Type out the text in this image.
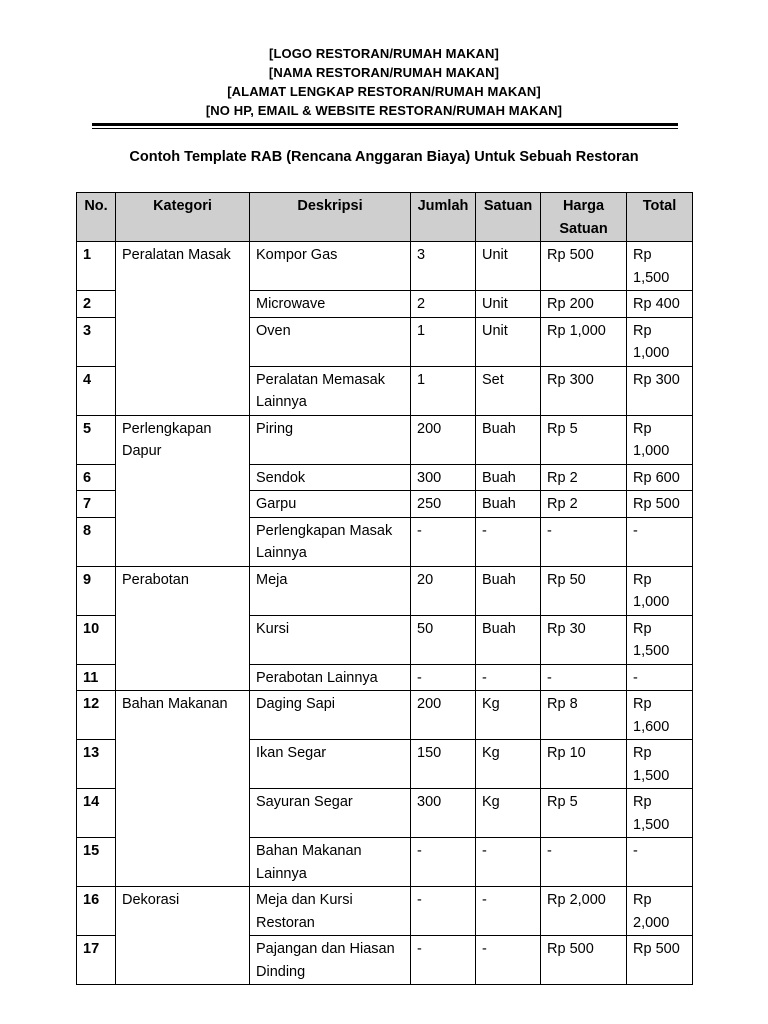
[LOGO RESTORAN/RUMAH MAKAN]
[NAMA RESTORAN/RUMAH MAKAN]
[ALAMAT LENGKAP RESTORAN/RUMAH MAKAN]
[NO HP, EMAIL & WEBSITE RESTORAN/RUMAH MAKAN]
Contoh Template RAB (Rencana Anggaran Biaya) Untuk Sebuah Restoran
No.	Kategori	Deskripsi	Jumlah	Satuan	Harga Satuan	Total
1	Peralatan Masak	Kompor Gas	3	Unit	Rp 500	Rp 1,500
2		Microwave	2	Unit	Rp 200	Rp 400
3		Oven	1	Unit	Rp 1,000	Rp 1,000
4		Peralatan Memasak Lainnya	1	Set	Rp 300	Rp 300
5	Perlengkapan Dapur	Piring	200	Buah	Rp 5	Rp 1,000
6		Sendok	300	Buah	Rp 2	Rp 600
7		Garpu	250	Buah	Rp 2	Rp 500
8		Perlengkapan Masak Lainnya	-	-	-	-
9	Perabotan	Meja	20	Buah	Rp 50	Rp 1,000
10		Kursi	50	Buah	Rp 30	Rp 1,500
11		Perabotan Lainnya	-	-	-	-
12	Bahan Makanan	Daging Sapi	200	Kg	Rp 8	Rp 1,600
13		Ikan Segar	150	Kg	Rp 10	Rp 1,500
14		Sayuran Segar	300	Kg	Rp 5	Rp 1,500
15		Bahan Makanan Lainnya	-	-	-	-
16	Dekorasi	Meja dan Kursi Restoran	-	-	Rp 2,000	Rp 2,000
17		Pajangan dan Hiasan Dinding	-	-	Rp 500	Rp 500
